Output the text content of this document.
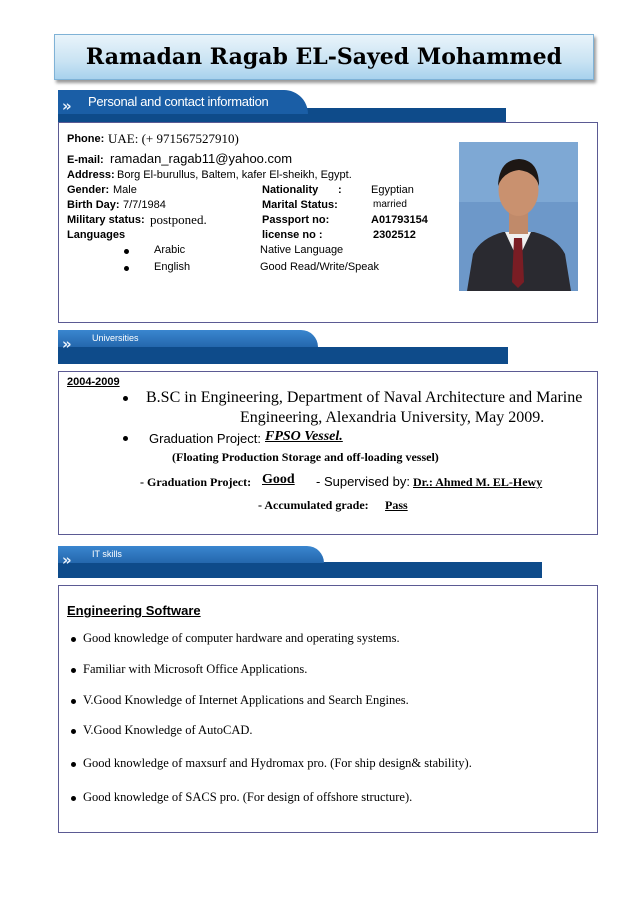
Ramadan Ragab EL-Sayed Mohammed
» Personal and contact information
Phone: UAE: (+ 971567527910)
E-mail: ramadan_ragab11@yahoo.com
Address: Borg El-burullus, Baltem, kafer El-sheikh, Egypt.
Gender: Male
Birth Day: 7/7/1984
Military status: postponed.
Languages
Nationality :	Egyptian
Marital Status:	married
Passport no:	A01793154
license no :	2302512
Arabic	Native Language
English	Good Read/Write/Speak
»	Universities
2004-2009
B.SC in Engineering, Department of Naval Architecture and Marine
Engineering, Alexandria University, May 2009.
Graduation Project: FPSO Vessel.
(Floating Production Storage and off-loading vessel)
- Graduation Project: Good - Supervised by: Dr.: Ahmed M. EL-Hewy
- Accumulated grade: Pass
»	IT skills
Engineering Software
Good knowledge of computer hardware and operating systems.
Familiar with Microsoft Office Applications.
V.Good Knowledge of Internet Applications and Search Engines.
V.Good Knowledge of AutoCAD.
Good knowledge of maxsurf and Hydromax pro. (For ship design& stability).
Good knowledge of SACS pro. (For design of offshore structure).
